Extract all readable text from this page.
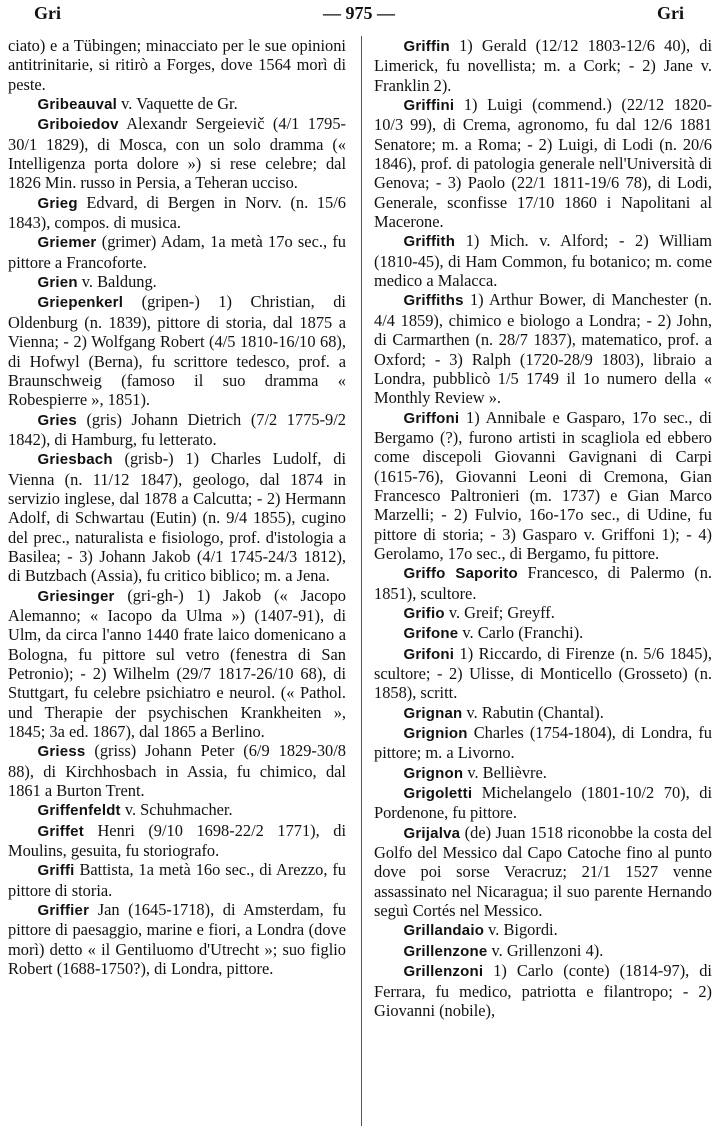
Gri	— 975 —	Gri

ciato) e a Tübingen; minacciato per le sue opinioni antitrinitarie, si ritirò a Forges, dove 1564 morì di peste.

Gribeauval v. Vaquette de Gr.

Griboiedov Alexandr Sergeievič (4/1 1795-30/1 1829), di Mosca, con un solo dramma (« Intelligenza porta dolore ») si rese celebre; dal 1826 Min. russo in Persia, a Teheran ucciso.

Grieg Edvard, di Bergen in Norv. (n. 15/6 1843), compos. di musica.

Griemer (grimer) Adam, 1a metà 17o sec., fu pittore a Francoforte.

Grien v. Baldung.

Griepenkerl (gripen-) 1) Christian, di Oldenburg (n. 1839), pittore di storia, dal 1875 a Vienna; - 2) Wolfgang Robert (4/5 1810-16/10 68), di Hofwyl (Berna), fu scrittore tedesco, prof. a Braunschweig (famoso il suo dramma « Robespierre », 1851).

Gries (gris) Johann Dietrich (7/2 1775-9/2 1842), di Hamburg, fu letterato.

Griesbach (grisb-) 1) Charles Ludolf, di Vienna (n. 11/12 1847), geologo, dal 1874 in servizio inglese, dal 1878 a Calcutta; - 2) Hermann Adolf, di Schwartau (Eutin) (n. 9/4 1855), cugino del prec., naturalista e fisiologo, prof. d'istologia a Basilea; - 3) Johann Jakob (4/1 1745-24/3 1812), di Butzbach (Assia), fu critico biblico; m. a Jena.

Griesinger (gri-gh-) 1) Jakob (« Jacopo Alemanno; « Iacopo da Ulma ») (1407-91), di Ulm, da circa l'anno 1440 frate laico domenicano a Bologna, fu pittore sul vetro (fenestra di San Petronio); - 2) Wilhelm (29/7 1817-26/10 68), di Stuttgart, fu celebre psichiatro e neurol. (« Pathol. und Therapie der psychischen Krankheiten », 1845; 3a ed. 1867), dal 1865 a Berlino.

Griess (griss) Johann Peter (6/9 1829-30/8 88), di Kirchhosbach in Assia, fu chimico, dal 1861 a Burton Trent.

Griffenfeldt v. Schuhmacher.

Griffet Henri (9/10 1698-22/2 1771), di Moulins, gesuita, fu storiografo.

Griffi Battista, 1a metà 16o sec., di Arezzo, fu pittore di storia.

Griffier Jan (1645-1718), di Amsterdam, fu pittore di paesaggio, marine e fiori, a Londra (dove morì) detto « il Gentiluomo d'Utrecht »; suo figlio Robert (1688-1750?), di Londra, pittore.

Griffin 1) Gerald (12/12 1803-12/6 40), di Limerick, fu novellista; m. a Cork; - 2) Jane v. Franklin 2).

Griffini 1) Luigi (commend.) (22/12 1820-10/3 99), di Crema, agronomo, fu dal 12/6 1881 Senatore; m. a Roma; - 2) Luigi, di Lodi (n. 20/6 1846), prof. di patologia generale nell'Università di Genova; - 3) Paolo (22/1 1811-19/6 78), di Lodi, Generale, sconfisse 17/10 1860 i Napolitani al Macerone.

Griffith 1) Mich. v. Alford; - 2) William (1810-45), di Ham Common, fu botanico; m. come medico a Malacca.

Griffiths 1) Arthur Bower, di Manchester (n. 4/4 1859), chimico e biologo a Londra; - 2) John, di Carmarthen (n. 28/7 1837), matematico, prof. a Oxford; - 3) Ralph (1720-28/9 1803), libraio a Londra, pubblicò 1/5 1749 il 1o numero della « Monthly Review ».

Griffoni 1) Annibale e Gasparo, 17o sec., di Bergamo (?), furono artisti in scagliola ed ebbero come discepoli Giovanni Gavignani di Carpi (1615-76), Giovanni Leoni di Cremona, Gian Francesco Paltronieri (m. 1737) e Gian Marco Marzelli; - 2) Fulvio, 16o-17o sec., di Udine, fu pittore di storia; - 3) Gasparo v. Griffoni 1); - 4) Gerolamo, 17o sec., di Bergamo, fu pittore.

Griffo Saporito Francesco, di Palermo (n. 1851), scultore.

Grifio v. Greif; Greyff.

Grifone v. Carlo (Franchi).

Grifoni 1) Riccardo, di Firenze (n. 5/6 1845), scultore; - 2) Ulisse, di Monticello (Grosseto) (n. 1858), scritt.

Grignan v. Rabutin (Chantal).

Grignion Charles (1754-1804), di Londra, fu pittore; m. a Livorno.

Grignon v. Bellièvre.

Grigoletti Michelangelo (1801-10/2 70), di Pordenone, fu pittore.

Grijalva (de) Juan 1518 riconobbe la costa del Golfo del Messico dal Capo Catoche fino al punto dove poi sorse Veracruz; 21/1 1527 venne assassinato nel Nicaragua; il suo parente Hernando seguì Cortés nel Messico.

Grillandaio v. Bigordi.

Grillenzone v. Grillenzoni 4).

Grillenzoni 1) Carlo (conte) (1814-97), di Ferrara, fu medico, patriotta e filantropo; - 2) Giovanni (nobile),
